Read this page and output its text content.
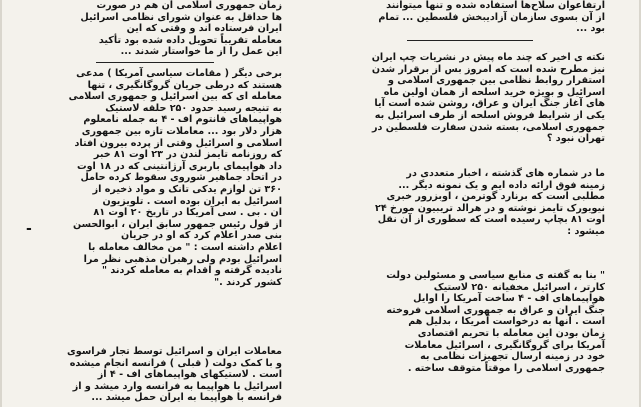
ارتفاعوان سلاح‌ها استفاده شده و تنها میتوانند
از آن بسوی سازمان آزادیبخش فلسطین ... تمام
بود ...

نکته ی اخیر که چند ماه پیش در نشریات چپ ایران
نیز مطرح شده است که امروز بس از برقرار شدن
استقرار روابط نظامی بین جمهوری اسلامی و
اسرائیل و بویژه خرید اسلحه از همان اولین ماه
های آغاز جنگ ایران و عراق، روشن شده است آیا
یکی از شرایط فروش اسلحه از طرف اسرائیل به
جمهوری اسلامی، بسته شدن سفارت فلسطین در
تهران نبود ؟

ما در شماره های گذشته ، اخبار متعددی در
زمینه فوق ارائه داده ایم و یک نمونه دیگر ...
مطلبی است که برنارد گوترمن ، اوبزرور خبری
نیویورک تایمز نوشته و در هرالد تریبیون مورخ ۲۴
اوت ۸۱ بچاپ رسیده است که سطوری از آن نقل
میشود :

" بنا به گفته ی منابع سیاسی و مسئولین دولت
کارتر ، اسرائیل مخفیانه ۲۵۰ لاستیک
هواپیماهای اف - ۴ ساخت آمریکا را اوایل
جنگ ایران و عراق به جمهوری اسلامی فروخته
است . آنها به درخواست آمریکا ، بدلیل هم
زمان بودن این معامله با تحریم اقتصادی
آمریکا برای گروگانگیری ، اسرائیل معاملات
خود در زمینه ارسال تجهیزات نظامی به
جمهوری اسلامی را موقتاً متوقف ساخته .

زمان جمهوری اسلامی آن هم در صورت
ها حداقل به عنوان شورای نظامی اسرائیل
ایران فرستاده اند و وقتی که این
معامله تقریباً تحویل داده شده بود تأکید
این عمل را از ما خواستار شدند ...

برخی دیگر ( مقامات سیاسی آمریکا ) مدعی
هستند که درطی جریان گروگانگیری ، تنها
معامله ای که بین اسرائیل و جمهوری اسلامی
به تنیجه رسید حدود ۲۵۰ حلقه لاستیک
هواپیماهای فانتوم اف - ۴ به جمله نامعلوم
هزار دلار بود ... معاملات تازه بین جمهوری
اسلامی و اسرائیل وقتی از پرده بیرون افتاد
که روزنامه تایمز لندن در ۲۳ اوت ۸۱ خبر
داد هواپیمای باربری آرژانتینی که در ۱۸ اوت
در اتحاد جماهیر شوروی سقوط کرده حامل
۳۶۰ تن لوازم یدکی تانک و مواد ذخیره از
اسرائیل به ایران بوده است . تلویزیون
ان . بی . سی آمریکا در تاریخ ۲۰ اوت ۸۱
از قول رئیس جمهور سابق ایران ، ابوالحسن
بنی صدر اعلام کرد که او در جریان
اعلام داشته است : " من مخالف معامله با
اسرائیل بودم ولی رهبران مذهبی نظر مرا
نادیده گرفته و اقدام به معامله کردند "
کشور کردند ."

معاملات ایران و اسرائیل توسط تجار فراسوی
و با کمک دولت ( قبلی ) فرانسه انجام میشده
است . لاستیکهای هواپیماهای اف - ۴ از
اسرائیل با هواپیما به فرانسه وارد میشد و از
فرانسه با هواپیما به ایران حمل میشد ...

-
